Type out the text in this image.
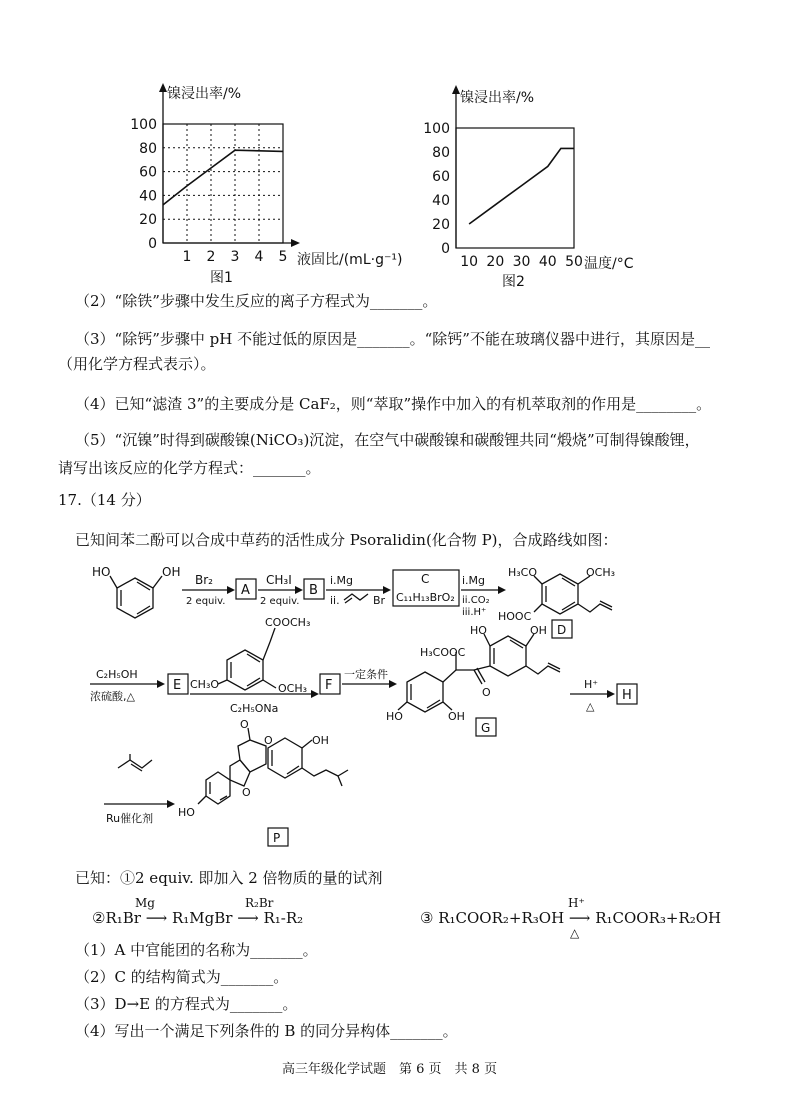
镍浸出率/%
0
20
40
60
80
100
1 2 3 4 5 液固比/(mL·g⁻¹)
图1
镍浸出率/%
0
20
40
60
80
100
10 20 30 40 50 温度/°C
图2
（2）“除铁”步骤中发生反应的离子方程式为_______。
（3）“除钙”步骤中 pH 不能过低的原因是_______。“除钙”不能在玻璃仪器中进行，其原因是__
（用化学方程式表示）。
（4）已知“滤渣 3”的主要成分是 CaF₂，则“萃取”操作中加入的有机萃取剂的作用是________。
（5）“沉镍”时得到碳酸镍(NiCO₃)沉淀，在空气中碳酸镍和碳酸锂共同“煅烧”可制得镍酸锂，
请写出该反应的化学方程式：_______。
17.（14 分）
已知间苯二酚可以合成中草药的活性成分 Psoralidin(化合物 P)，合成路线如图：
HO	OH
Br₂
2 equiv.
A
CH₃I
2 equiv.
B
i.Mg
ii.	Br
C
C₁₁H₁₃BrO₂
i.Mg
ii.CO₂
iii.H⁺
H₃CO	OCH₃
HOOC
D
C₂H₅OH
浓硫酸,△
E
COOCH₃
CH₃O	OCH₃
C₂H₅ONa
F
一定条件
H₃COOC
HO	OH
O
HO	OH
G
H⁺
△
H
Ru催化剂
O
O
O
OH
HO
P
已知：①2 equiv. 即加入 2 倍物质的量的试剂
②R₁Br ⟶ R₁MgBr ⟶ R₁-R₂
Mg	R₂Br
③ R₁COOR₂+R₃OH ⟶ R₁COOR₃+R₂OH
H⁺
△
（1）A 中官能团的名称为_______。
（2）C 的结构简式为_______。
（3）D→E 的方程式为_______。
（4）写出一个满足下列条件的 B 的同分异构体_______。
高三年级化学试题　第 6 页　共 8 页
